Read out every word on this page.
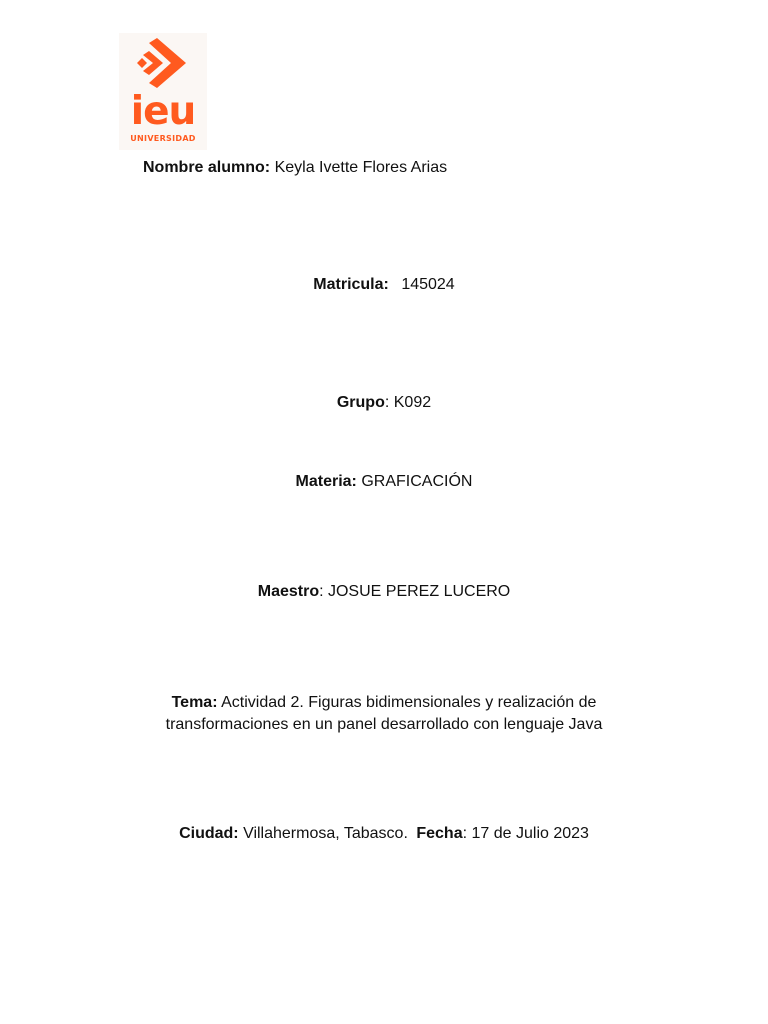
ieu
UNIVERSIDAD
Nombre alumno: Keyla Ivette Flores Arias
Matricula: 145024
Grupo: K092
Materia: GRAFICACIÓN
Maestro: JOSUE PEREZ LUCERO
Tema: Actividad 2. Figuras bidimensionales y realización de
transformaciones en un panel desarrollado con lenguaje Java
Ciudad: Villahermosa, Tabasco. Fecha: 17 de Julio 2023
